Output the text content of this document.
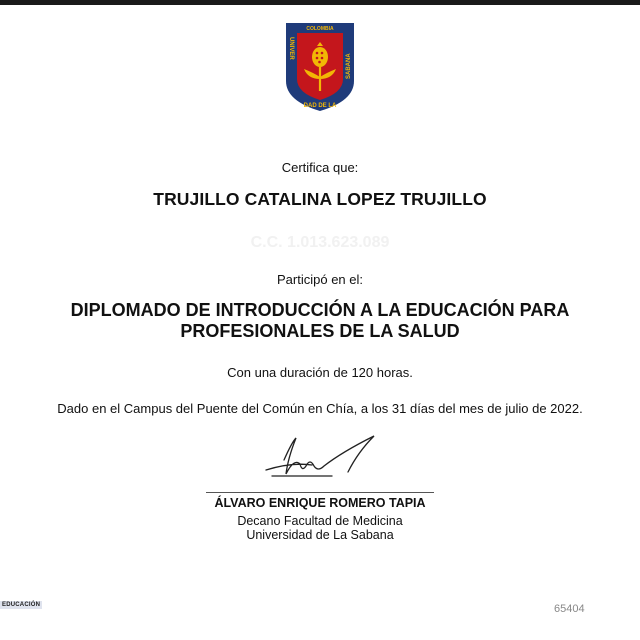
COLOMBIA
UNIVER
SABANA
DAD DE LA
Certifica que:
TRUJILLO CATALINA LOPEZ TRUJILLO
C.C. 1.013.623.089
Participó en el:
DIPLOMADO DE INTRODUCCIÓN A LA EDUCACIÓN PARA
PROFESIONALES DE LA SALUD
Con una duración de 120 horas.
Dado en el Campus del Puente del Común en Chía, a los 31 días del mes de julio de 2022.
ÁLVARO ENRIQUE ROMERO TAPIA
Decano Facultad de Medicina
Universidad de La Sabana
EDUCACIÓN	65404
